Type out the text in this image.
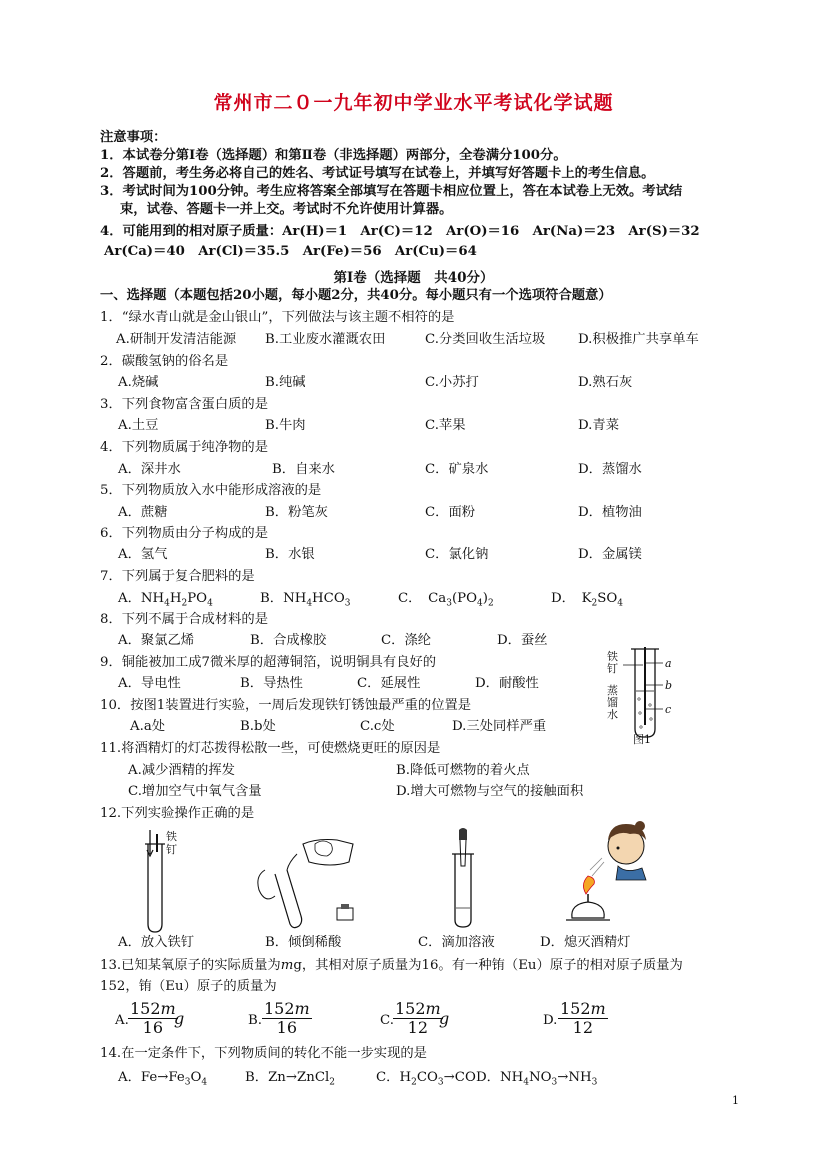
常州市二０一九年初中学业水平考试化学试题
注意事项：
1．本试卷分第Ⅰ卷（选择题）和第Ⅱ卷（非选择题）两部分，全卷满分100分。
2．答题前，考生务必将自己的姓名、考试证号填写在试卷上，并填写好答题卡上的考生信息。
3．考试时间为100分钟。考生应将答案全部填写在答题卡相应位置上，答在本试卷上无效。考试结
束，试卷、答题卡一并上交。考试时不允许使用计算器。
4．可能用到的相对原子质量：Ar(H)＝1　Ar(C)＝12　Ar(O)＝16　Ar(Na)＝23　Ar(S)＝32
Ar(Ca)＝40　Ar(Cl)＝35.5　Ar(Fe)＝56　Ar(Cu)＝64
第Ⅰ卷（选择题　共40分）
一、选择题（本题包括20小题，每小题2分，共40分。每小题只有一个选项符合题意）
1．“绿水青山就是金山银山”，下列做法与该主题不相符的是
A.研制开发清洁能源 B.工业废水灌溉农田	C.分类回收生活垃圾 D.积极推广共享单车
2．碳酸氢钠的俗名是
A.烧碱	B.纯碱	C.小苏打	D.熟石灰
3．下列食物富含蛋白质的是
A.土豆	B.牛肉	C.苹果	D.青菜
4．下列物质属于纯净物的是
A．深井水	B．自来水	C．矿泉水	D．蒸馏水
5．下列物质放入水中能形成溶液的是
A．蔗糖	B．粉笔灰	C．面粉	D．植物油
6．下列物质由分子构成的是
A．氢气	B．水银	C．氯化钠	D．金属镁
7．下列属于复合肥料的是
A．$NH_4H_2PO_4$	B．$NH_4HCO_3$	C．　$Ca_3(PO_4)_2$	D．　$K_2SO_4$
8．下列不属于合成材料的是
A．聚氯乙烯	B．合成橡胶	C．涤纶	D．蚕丝
9．铜能被加工成7微米厚的超薄铜箔，说明铜具有良好的
A．导电性	B．导热性	C．延展性	D．耐酸性
10．按图1装置进行实验，一周后发现铁钉锈蚀最严重的位置是
A.a处	B.b处	C.c处	D.三处同样严重
铁钉
蒸馏水
a
b
c
图1
11.将酒精灯的灯芯拨得松散一些，可使燃烧更旺的原因是
A.减少酒精的挥发	B.降低可燃物的着火点
C.增加空气中氧气含量	D.增大可燃物与空气的接触面积
12.下列实验操作正确的是
铁钉
A．放入铁钉	B．倾倒稀酸	C．滴加溶液	D．熄灭酒精灯
13.已知某氧原子的实际质量为mg，其相对原子质量为16。有一种铕（Eu）原子的相对原子质量为
152，铕（Eu）原子的质量为
A.
152m
16 g	B. $\frac{152m}{16}$	C.
152m
12 g	D. $\frac{152m}{12}$
14.在一定条件下，下列物质间的转化不能一步实现的是
A．$Fe\to Fe_3O_4$	B．Zn→ZnCl$_2$	C．$H_2CO_3\to CO$ D．$NH_4NO_3\to NH_3$
1
